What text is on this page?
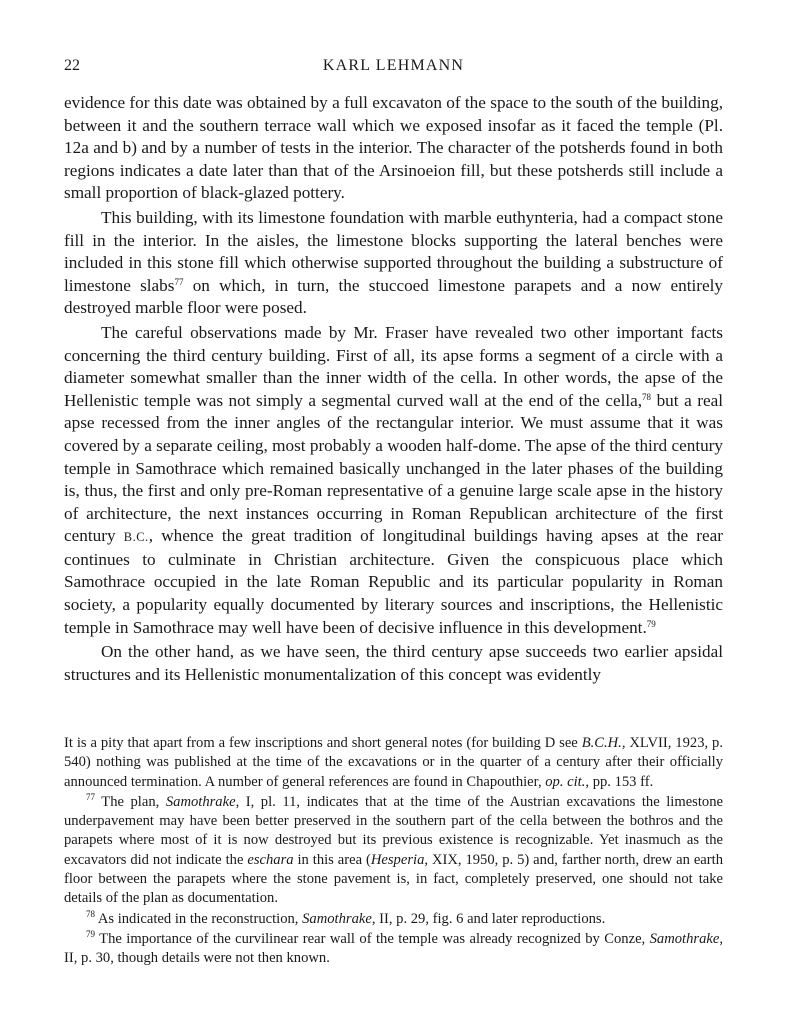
22	KARL LEHMANN

evidence for this date was obtained by a full excavaton of the space to the south of the building, between it and the southern terrace wall which we exposed insofar as it faced the temple (Pl. 12a and b) and by a number of tests in the interior. The character of the potsherds found in both regions indicates a date later than that of the Arsinoeion fill, but these potsherds still include a small proportion of black-glazed pottery.

This building, with its limestone foundation with marble euthynteria, had a compact stone fill in the interior. In the aisles, the limestone blocks supporting the lateral benches were included in this stone fill which otherwise supported throughout the building a substructure of limestone slabs$^{77}$ on which, in turn, the stuccoed limestone parapets and a now entirely destroyed marble floor were posed.

The careful observations made by Mr. Fraser have revealed two other important facts concerning the third century building. First of all, its apse forms a segment of a circle with a diameter somewhat smaller than the inner width of the cella. In other words, the apse of the Hellenistic temple was not simply a segmental curved wall at the end of the cella,$^{78}$ but a real apse recessed from the inner angles of the rectangular interior. We must assume that it was covered by a separate ceiling, most probably a wooden half-dome. The apse of the third century temple in Samothrace which remained basically unchanged in the later phases of the building is, thus, the first and only pre-Roman representative of a genuine large scale apse in the history of architecture, the next instances occurring in Roman Republican architecture of the first century B.C., whence the great tradition of longitudinal buildings having apses at the rear continues to culminate in Christian architecture. Given the conspicuous place which Samothrace occupied in the late Roman Republic and its particular popularity in Roman society, a popularity equally documented by literary sources and inscriptions, the Hellenistic temple in Samothrace may well have been of decisive influence in this development.$^{79}$

On the other hand, as we have seen, the third century apse succeeds two earlier apsidal structures and its Hellenistic monumentalization of this concept was evidently

It is a pity that apart from a few inscriptions and short general notes (for building D see B.C.H., XLVII, 1923, p. 540) nothing was published at the time of the excavations or in the quarter of a century after their officially announced termination. A number of general references are found in Chapouthier, op. cit., pp. 153 ff.

$^{77}$ The plan, Samothrake, I, pl. 11, indicates that at the time of the Austrian excavations the limestone underpavement may have been better preserved in the southern part of the cella between the bothros and the parapets where most of it is now destroyed but its previous existence is recognizable. Yet inasmuch as the excavators did not indicate the eschara in this area (Hesperia, XIX, 1950, p. 5) and, farther north, drew an earth floor between the parapets where the stone pavement is, in fact, completely preserved, one should not take details of the plan as documentation.

$^{78}$ As indicated in the reconstruction, Samothrake, II, p. 29, fig. 6 and later reproductions.

$^{79}$ The importance of the curvilinear rear wall of the temple was already recognized by Conze, Samothrake, II, p. 30, though details were not then known.
